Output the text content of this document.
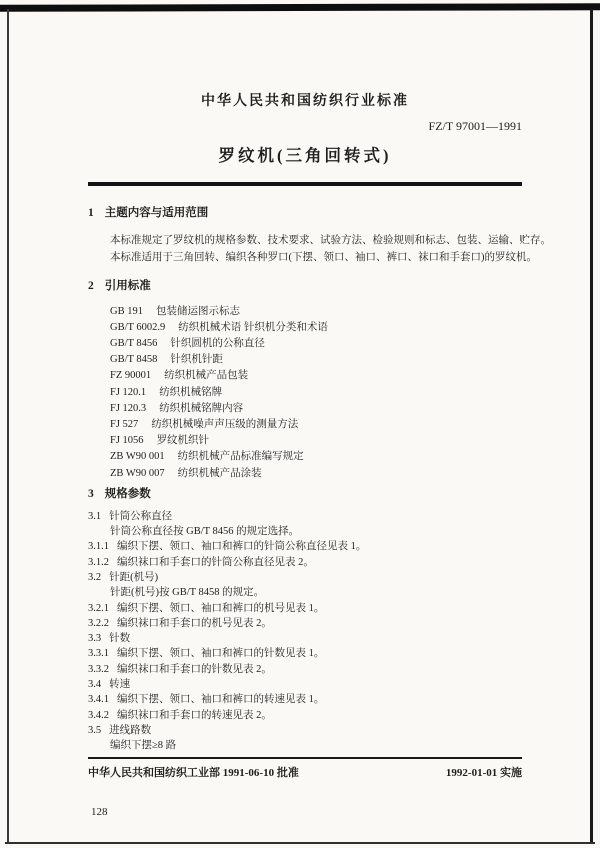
中华人民共和国纺织行业标准
FZ/T 97001—1991
罗纹机(三角回转式)
1 主题内容与适用范围
本标准规定了罗纹机的规格参数、技术要求、试验方法、检验规则和标志、包装、运输、贮存。
本标准适用于三角回转、编织各种罗口(下摆、领口、袖口、裤口、袜口和手套口)的罗纹机。
2 引用标准
GB 191 包装储运图示标志
GB/T 6002.9 纺织机械术语 针织机分类和术语
GB/T 8456 针织圆机的公称直径
GB/T 8458 针织机针距
FZ 90001 纺织机械产品包装
FJ 120.1 纺织机械铭牌
FJ 120.3 纺织机械铭牌内容
FJ 527 纺织机械噪声声压级的测量方法
FJ 1056 罗纹机织针
ZB W90 001 纺织机械产品标准编写规定
ZB W90 007 纺织机械产品涂装
3 规格参数
3.1 针筒公称直径
针筒公称直径按 GB/T 8456 的规定选择。
3.1.1 编织下摆、领口、袖口和裤口的针筒公称直径见表 1。
3.1.2 编织袜口和手套口的针筒公称直径见表 2。
3.2 针距(机号)
针距(机号)按 GB/T 8458 的规定。
3.2.1 编织下摆、领口、袖口和裤口的机号见表 1。
3.2.2 编织袜口和手套口的机号见表 2。
3.3 针数
3.3.1 编织下摆、领口、袖口和裤口的针数见表 1。
3.3.2 编织袜口和手套口的针数见表 2。
3.4 转速
3.4.1 编织下摆、领口、袖口和裤口的转速见表 1。
3.4.2 编织袜口和手套口的转速见表 2。
3.5 进线路数
编织下摆≥8 路
中华人民共和国纺织工业部 1991-06-10 批准	1992-01-01 实施
128
